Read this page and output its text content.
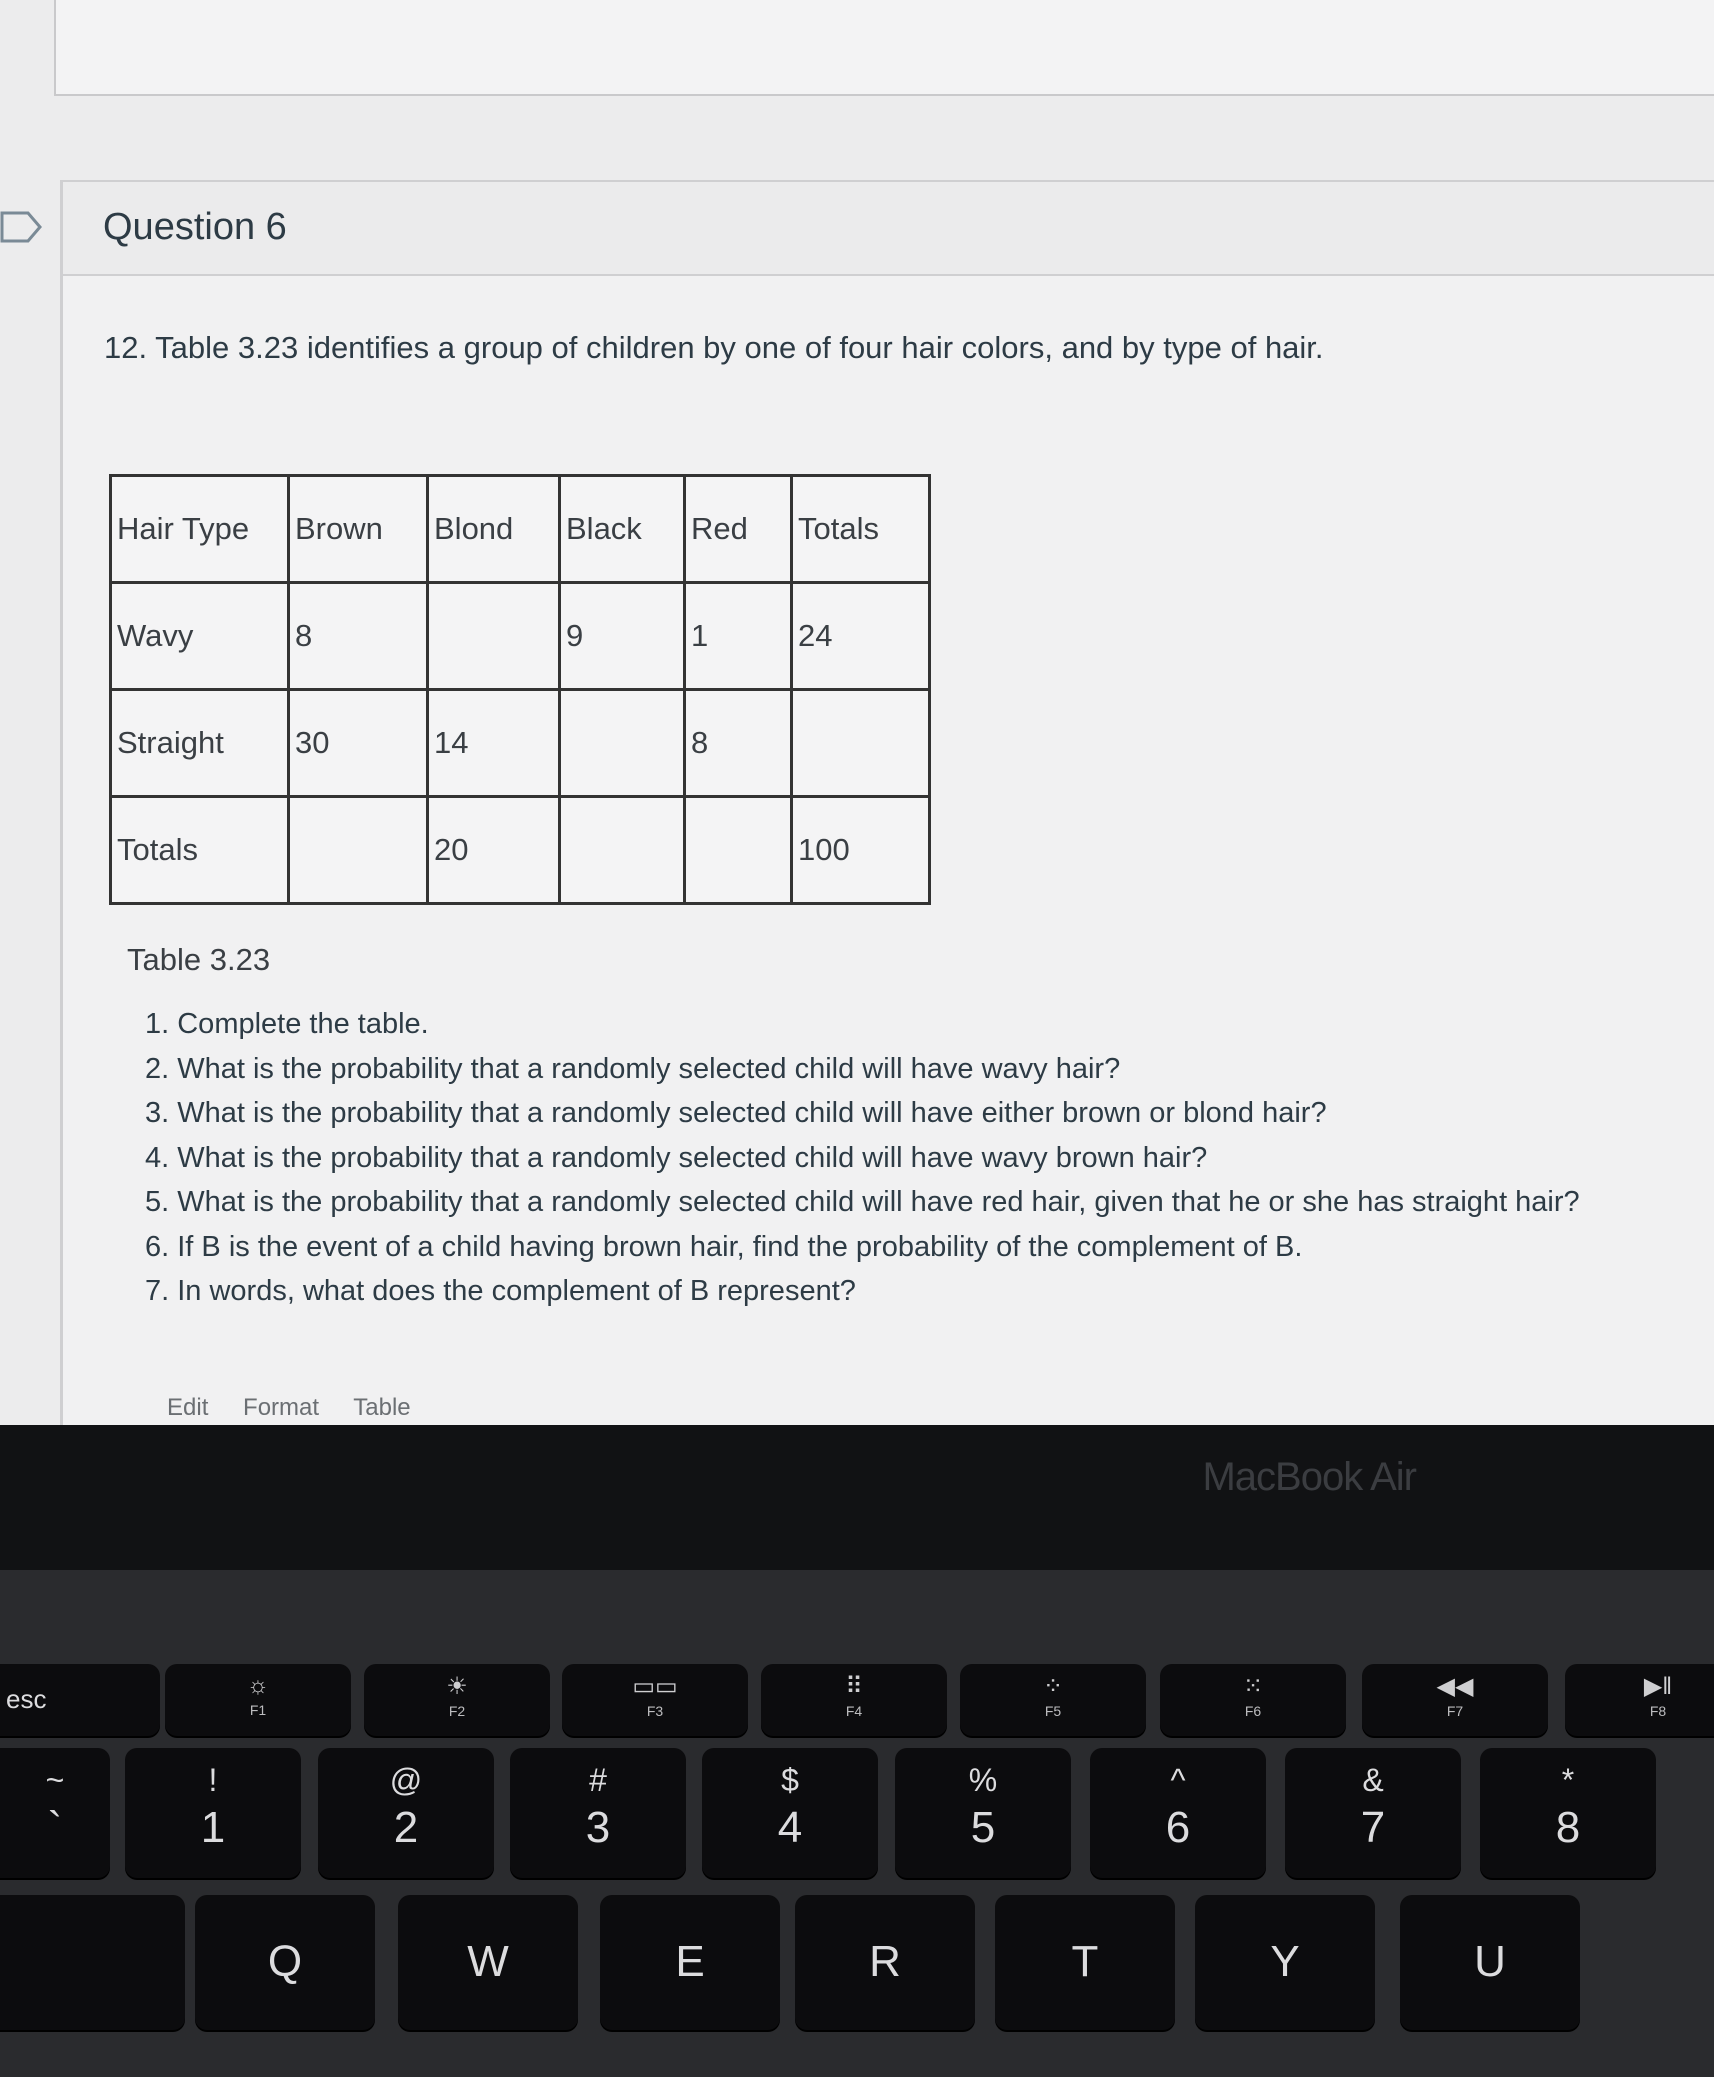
Question 6
12. Table 3.23 identifies a group of children by one of four hair colors, and by type of hair.
Hair Type	Brown	Blond	Black	Red	Totals
Wavy	8		9	1	24
Straight	30	14		8	
Totals		20			100
Table 3.23
1. Complete the table.
2. What is the probability that a randomly selected child will have wavy hair?
3. What is the probability that a randomly selected child will have either brown or blond hair?
4. What is the probability that a randomly selected child will have wavy brown hair?
5. What is the probability that a randomly selected child will have red hair, given that he or she has straight hair?
6. If B is the event of a child having brown hair, find the probability of the complement of B.
7. In words, what does the complement of B represent?
Edit Format Table
MacBook Air
esc	☼
F1
☀
F2
▭▭
F3
⠿
F4
⁘
F5
⁙
F6
◀◀
F7
▶ǁ
F8
~
`
!
1
@
2
#
3
$
4
%
5
^
6
&
7
*
8
Q	W	E	R	T	Y	U
